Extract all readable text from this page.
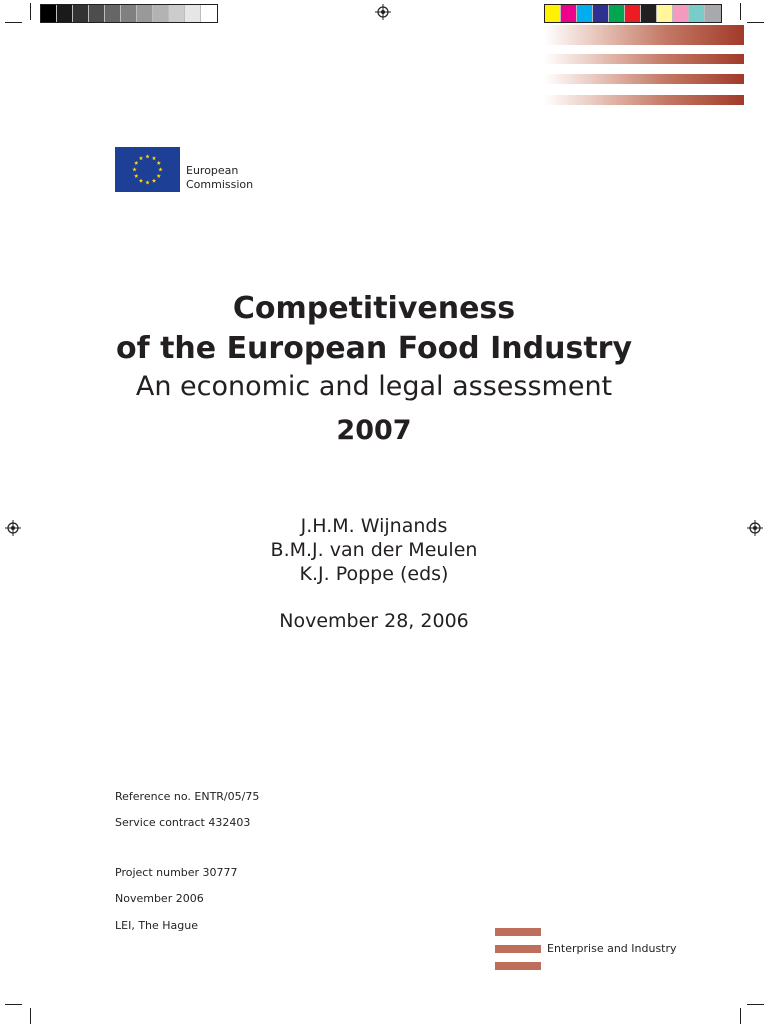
European
Commission
Competitiveness
of the European Food Industry
An economic and legal assessment
2007
J.H.M. Wijnands
B.M.J. van der Meulen
K.J. Poppe (eds)
November 28, 2006
Reference no. ENTR/05/75
Service contract 432403
Project number 30777
November 2006
LEI, The Hague
Enterprise and Industry
